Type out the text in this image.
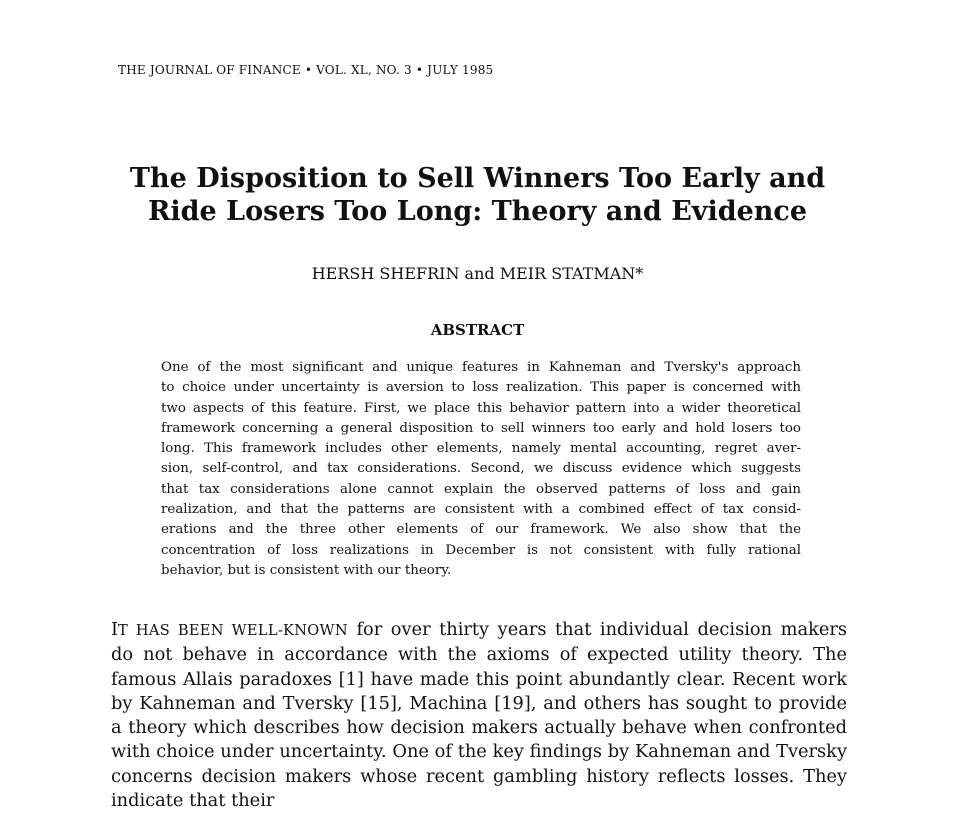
THE JOURNAL OF FINANCE • VOL. XL, NO. 3 • JULY 1985
The Disposition to Sell Winners Too Early and
Ride Losers Too Long: Theory and Evidence
HERSH SHEFRIN and MEIR STATMAN*
ABSTRACT

One of the most significant and unique features in Kahneman and Tversky's approach
to choice under uncertainty is aversion to loss realization. This paper is concerned with
two aspects of this feature. First, we place this behavior pattern into a wider theoretical
framework concerning a general disposition to sell winners too early and hold losers too
long. This framework includes other elements, namely mental accounting, regret aver-
sion, self-control, and tax considerations. Second, we discuss evidence which suggests
that tax considerations alone cannot explain the observed patterns of loss and gain
realization, and that the patterns are consistent with a combined effect of tax consid-
erations and the three other elements of our framework. We also show that the
concentration of loss realizations in December is not consistent with fully rational
behavior, but is consistent with our theory.

IT HAS BEEN WELL-KNOWN for over thirty years that individual decision makers
do not behave in accordance with the axioms of expected utility theory. The
famous Allais paradoxes [1] have made this point abundantly clear. Recent work
by Kahneman and Tversky [15], Machina [19], and others has sought to provide
a theory which describes how decision makers actually behave when confronted
with choice under uncertainty. One of the key findings by Kahneman and Tversky
concerns decision makers whose recent gambling history reflects losses. They
indicate that their
